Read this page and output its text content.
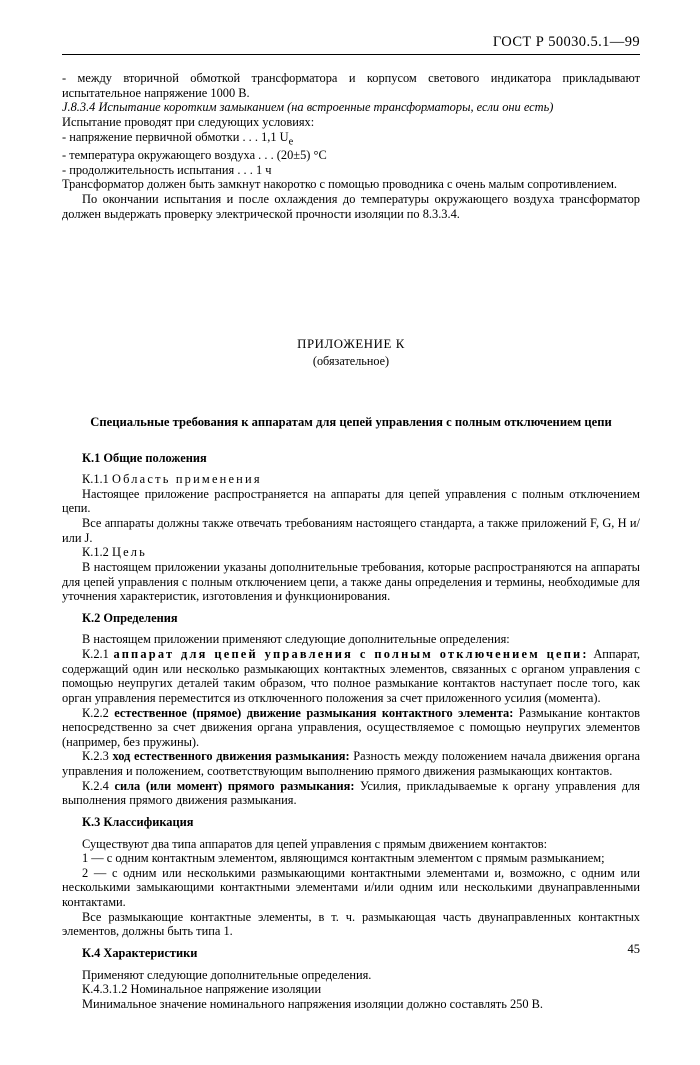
ГОСТ Р 50030.5.1—99

- между вторичной обмоткой трансформатора и корпусом светового индикатора прикладывают испытательное напряжение 1000 В.

J.8.3.4 Испытание коротким замыканием (на встроенные трансформаторы, если они есть)

Испытание проводят при следующих условиях:

- напряжение первичной обмотки . . . 1,1 $U_e$

- температура окружающего воздуха . . . (20±5) °С

- продолжительность испытания . . . 1 ч

Трансформатор должен быть замкнут накоротко с помощью проводника с очень малым сопротивлением.

По окончании испытания и после охлаждения до температуры окружающего воздуха трансформатор должен выдержать проверку электрической прочности изоляции по 8.3.3.4.

ПРИЛОЖЕНИЕ К

(обязательное)

Специальные требования к аппаратам для цепей управления с полным отключением цепи

К.1 Общие положения

К.1.1 Область применения

Настоящее приложение распространяется на аппараты для цепей управления с полным отключением цепи.

Все аппараты должны также отвечать требованиям настоящего стандарта, а также приложений F, G, H и/или J.

К.1.2 Цель

В настоящем приложении указаны дополнительные требования, которые распространяются на аппараты для цепей управления с полным отключением цепи, а также даны определения и термины, необходимые для уточнения характеристик, изготовления и функционирования.

К.2 Определения

В настоящем приложении применяют следующие дополнительные определения:

К.2.1 аппарат для цепей управления с полным отключением цепи: Аппарат, содержащий один или несколько размыкающих контактных элементов, связанных с органом управления с помощью неупругих деталей таким образом, что полное размыкание контактов наступает после того, как орган управления переместится из отключенного положения за счет приложенного усилия (момента).

К.2.2 естественное (прямое) движение размыкания контактного элемента: Размыкание контактов непосредственно за счет движения органа управления, осуществляемое с помощью неупругих элементов (например, без пружины).

К.2.3 ход естественного движения размыкания: Разность между положением начала движения органа управления и положением, соответствующим выполнению прямого движения размыкающих контактов.

К.2.4 сила (или момент) прямого размыкания: Усилия, прикладываемые к органу управления для выполнения прямого движения размыкания.

К.3 Классификация

Существуют два типа аппаратов для цепей управления с прямым движением контактов:

1 — с одним контактным элементом, являющимся контактным элементом с прямым размыканием;

2 — с одним или несколькими размыкающими контактными элементами и, возможно, с одним или несколькими замыкающими контактными элементами и/или одним или несколькими двунаправленными контактами.

Все размыкающие контактные элементы, в т. ч. размыкающая часть двунаправленных контактных элементов, должны быть типа 1.

К.4 Характеристики

Применяют следующие дополнительные определения.

К.4.3.1.2 Номинальное напряжение изоляции

Минимальное значение номинального напряжения изоляции должно составлять 250 В.

45
